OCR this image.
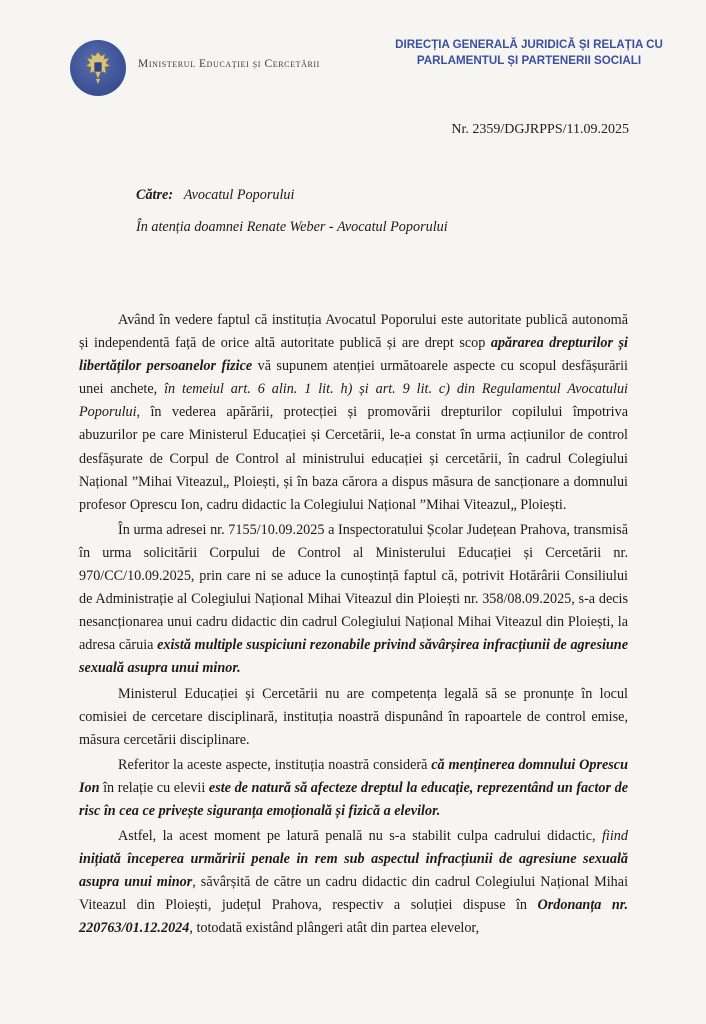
Ministerul Educației și Cercetării
DIRECȚIA GENERALĂ JURIDICĂ ȘI RELAȚIA CU
PARLAMENTUL ȘI PARTENERII SOCIALI
Nr. 2359/DGJRPPS/11.09.2025
Către: Avocatul Poporului
În atenția doamnei Renate Weber - Avocatul Poporului

Având în vedere faptul că instituția Avocatul Poporului este autoritate publică autonomă și independentă față de orice altă autoritate publică și are drept scop apărarea drepturilor și libertăților persoanelor fizice vă supunem atenției următoarele aspecte cu scopul desfășurării unei anchete, în temeiul art. 6 alin. 1 lit. h) și art. 9 lit. c) din Regulamentul Avocatului Poporului, în vederea apărării, protecției și promovării drepturilor copilului împotriva abuzurilor pe care Ministerul Educației și Cercetării, le-a constat în urma acțiunilor de control desfășurate de Corpul de Control al ministrului educației și cercetării, în cadrul Colegiului Național ”Mihai Viteazul„ Ploiești, și în baza cărora a dispus măsura de sancționare a domnului profesor Oprescu Ion, cadru didactic la Colegiului Național ”Mihai Viteazul„ Ploiești.

În urma adresei nr. 7155/10.09.2025 a Inspectoratului Școlar Județean Prahova, transmisă în urma solicitării Corpului de Control al Ministerului Educației și Cercetării nr. 970/CC/10.09.2025, prin care ni se aduce la cunoștință faptul că, potrivit Hotărârii Consiliului de Administrație al Colegiului Național Mihai Viteazul din Ploiești nr. 358/08.09.2025, s-a decis nesancționarea unui cadru didactic din cadrul Colegiului Național Mihai Viteazul din Ploiești, la adresa căruia există multiple suspiciuni rezonabile privind săvârșirea infracțiunii de agresiune sexuală asupra unui minor.

Ministerul Educației și Cercetării nu are competența legală să se pronunțe în locul comisiei de cercetare disciplinară, instituția noastră dispunând în rapoartele de control emise, măsura cercetării disciplinare.

Referitor la aceste aspecte, instituția noastră consideră că menținerea domnului Oprescu Ion în relație cu elevii este de natură să afecteze dreptul la educație, reprezentând un factor de risc în cea ce privește siguranța emoțională și fizică a elevilor.

Astfel, la acest moment pe latură penală nu s-a stabilit culpa cadrului didactic, fiind inițiată începerea urmăririi penale in rem sub aspectul infracțiunii de agresiune sexuală asupra unui minor, săvârșită de către un cadru didactic din cadrul Colegiului Național Mihai Viteazul din Ploiești, județul Prahova, respectiv a soluției dispuse în Ordonanța nr. 220763/01.12.2024, totodată existând plângeri atât din partea elevelor,
